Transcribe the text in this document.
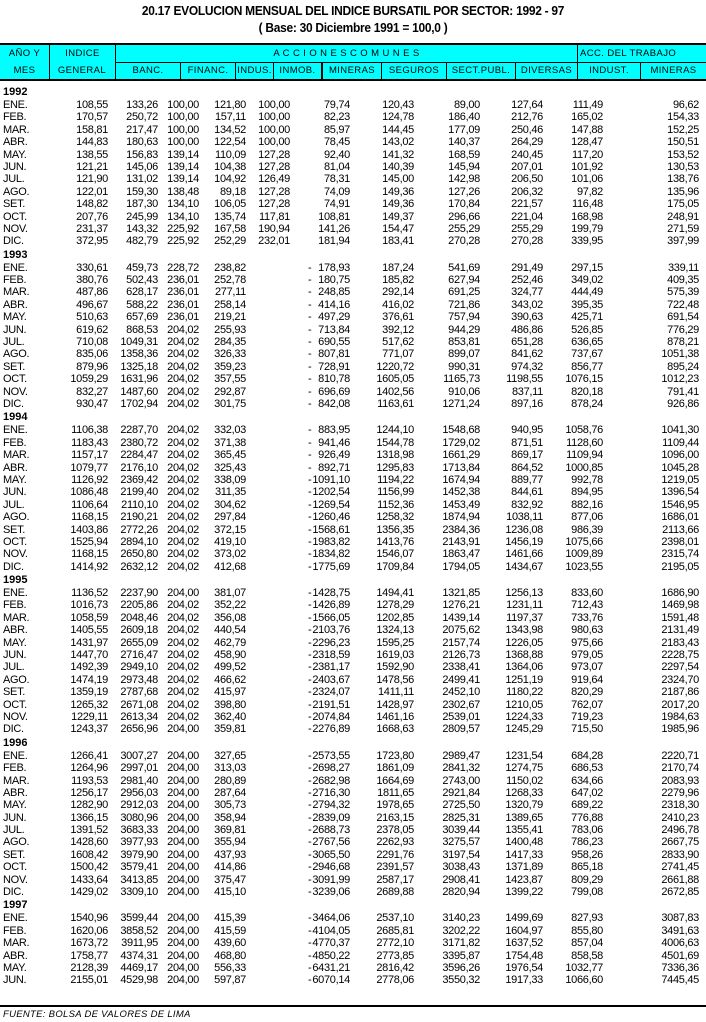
20.17 EVOLUCION MENSUAL DEL INDICE BURSATIL POR SECTOR: 1992 - 97
( Base: 30 Diciembre 1991 = 100,0 )
AÑO Y
MES
INDICE
GENERAL
A C C I O N E S C O M U N E S	ACC. DEL TRABAJO
BANC.	FINANC. INDUS. INMOB.	MINERAS	SEGUROS	SECT.PUBL.	DIVERSAS	INDUST.	MINERAS
1992
ENE.	108,55 133,26 100,00 121,80 100,00	79,74	120,43	89,00	127,64	111,49	96,62
FEB.	170,57 250,72 100,00 157,11 100,00	82,23	124,78	186,40	212,76	165,02	154,33
MAR.	158,81 217,47 100,00 134,52 100,00	85,97	144,45	177,09	250,46	147,88	152,25
ABR.	144,83 180,63 100,00 122,54 100,00	78,45	143,02	140,37	264,29	128,47	150,51
MAY.	138,55 156,83 139,14 110,09 127,28	92,40	141,32	168,59	240,45	117,20	153,52
JUN.	121,21 145,06 139,14 104,38 127,28	81,04	140,39	145,94	207,01	101,92	130,53
JUL.	121,90 131,02 139,14 104,92 126,49	78,31	145,00	142,98	206,50	101,06	138,76
AGO.	122,01 159,30 138,48 89,18 127,28	74,09	149,36	127,26	206,32	97,82	135,96
SET.	148,82 187,30 134,10 106,05 127,28	74,91	149,36	170,84	221,57	116,48	175,05
OCT.	207,76 245,99 134,10 135,74 117,81	108,81	149,37	296,66	221,04	168,98	248,91
NOV.	231,37 143,32 225,92 167,58 190,94	141,26	154,47	255,29	255,29	199,79	271,59
DIC.	372,95 482,79 225,92 252,29 232,01	181,94	183,41	270,28	270,28	339,95	397,99
1993
ENE.	330,61 459,73 228,72 238,82	- 178,93	187,24	541,69	291,49	297,15	339,11
FEB.	380,76 502,43 236,01 252,78	- 180,75	185,82	627,94	252,46	349,02	409,35
MAR.	487,86 628,17 236,01 277,11	- 248,85	292,14	691,25	324,77	444,49	575,39
ABR.	496,67 588,22 236,01 258,14	- 414,16	416,02	721,86	343,02	395,35	722,48
MAY.	510,63 657,69 236,01 219,21	- 497,29	376,61	757,94	390,63	425,71	691,54
JUN.	619,62 868,53 204,02 255,93	- 713,84	392,12	944,29	486,86	526,85	776,29
JUL.	710,08 1049,31 204,02 284,35	- 690,55	517,62	853,81	651,28	636,65	878,21
AGO.	835,06 1358,36 204,02 326,33	- 807,81	771,07	899,07	841,62	737,67	1051,38
SET.	879,96 1325,18 204,02 359,23	- 728,91 1220,72	990,31	974,32	856,77	895,24
OCT.	1059,29 1631,96 204,02 357,55	- 810,78 1605,05	1165,73 1198,55 1076,15	1012,23
NOV.	832,27 1487,60 204,02 292,87	- 696,69 1402,56	910,06	837,11	820,18	791,41
DIC.	930,47 1702,94 204,02 301,75	- 842,08 1163,61	1271,24	897,16	878,24	926,86
1994
ENE.	1106,38 2287,70 204,02 332,03	- 883,95 1244,10	1548,68	940,95 1058,76	1041,30
FEB.	1183,43 2380,72 204,02 371,38	- 941,46 1544,78	1729,02	871,51 1128,60	1109,44
MAR.	1157,17 2284,47 204,02 365,45	- 926,49 1318,98	1661,29	869,17 1109,94	1096,00
ABR.	1079,77 2176,10 204,02 325,43	- 892,71 1295,83	1713,84	864,52 1000,85	1045,28
MAY.	1126,92 2369,42 204,02 338,09	- 1091,10 1194,22	1674,94	889,77	992,78	1219,05
JUN.	1086,48 2199,40 204,02 311,35	- 1202,54 1156,99	1452,38	844,61	894,95	1396,54
JUL.	1106,64 2110,10 204,02 304,62	- 1269,54 1152,36	1453,49	832,92	882,16	1546,95
AGO.	1168,15 2190,21 204,02 297,84	- 1260,46 1258,32	1874,94 1038,11	877,06	1686,01
SET.	1403,86 2772,26 204,02 372,15	- 1568,61 1356,35	2384,36 1236,08	986,39	2113,66
OCT.	1525,94 2894,10 204,02 419,10	- 1983,82 1413,76	2143,91 1456,19 1075,66	2398,01
NOV.	1168,15 2650,80 204,02 373,02	- 1834,82 1546,07	1863,47 1461,66 1009,89	2315,74
DIC.	1414,92 2632,12 204,02 412,68	- 1775,69 1709,84	1794,05 1434,67 1023,55	2195,05
1995
ENE.	1136,52 2237,90 204,00 381,07	- 1428,75 1494,41	1321,85 1256,13	833,60	1686,90
FEB.	1016,73 2205,86 204,02 352,22	- 1426,89 1278,29	1276,21 1231,11	712,43	1469,98
MAR.	1058,59 2048,46 204,02 356,08	- 1566,05 1202,85	1439,14 1197,37	733,76	1591,48
ABR.	1405,55 2609,18 204,02 440,54	- 2103,76 1324,13	2075,62 1343,98	980,63	2131,49
MAY.	1431,97 2655,09 204,02 462,79	- 2296,23 1595,25	2157,74 1226,05	975,66	2183,43
JUN.	1447,70 2716,47 204,02 458,90	- 2318,59 1619,03	2126,73 1368,88	979,05	2228,75
JUL.	1492,39 2949,10 204,02 499,52	- 2381,17 1592,90	2338,41 1364,06	973,07	2297,54
AGO.	1474,19 2973,48 204,02 466,62	- 2403,67 1478,56	2499,41 1251,19	919,64	2324,70
SET.	1359,19 2787,68 204,02 415,97	- 2324,07	1411,11	2452,10 1180,22	820,29	2187,86
OCT.	1265,32 2671,08 204,02 398,80	- 2191,51 1428,97	2302,67 1210,05	762,07	2017,20
NOV.	1229,11 2613,34 204,02 362,40	- 2074,84 1461,16	2539,01 1224,33	719,23	1984,63
DIC.	1243,37 2656,96 204,00 359,81	- 2276,89 1668,63	2809,57 1245,29	715,50	1985,96
1996
ENE.	1266,41 3007,27 204,00 327,65	- 2573,55 1723,80	2989,47 1231,54	684,28	2220,71
FEB.	1264,96 2997,01 204,00 313,03	- 2698,27 1861,09	2841,32 1274,75	686,53	2170,74
MAR.	1193,53 2981,40 204,00 280,89	- 2682,98 1664,69	2743,00 1150,02	634,66	2083,93
ABR.	1256,17 2956,03 204,00 287,64	- 2716,30 1811,65	2921,84 1268,33	647,02	2279,96
MAY.	1282,90 2912,03 204,00 305,73	- 2794,32 1978,65	2725,50 1320,79	689,22	2318,30
JUN.	1366,15 3080,96 204,00 358,94	- 2839,09 2163,15	2825,31 1389,65	776,88	2410,23
JUL.	1391,52 3683,33 204,00 369,81	- 2688,73 2378,05	3039,44 1355,41	783,06	2496,78
AGO.	1428,60 3977,93 204,00 355,94	- 2767,56 2262,93	3275,57 1400,48	786,23	2667,75
SET.	1608,42 3979,90 204,00 437,93	- 3065,50 2291,76	3197,54 1417,33	958,26	2833,90
OCT.	1500,42 3579,41 204,00 414,86	- 2946,68 2391,57	3038,43 1371,89	865,18	2741,45
NOV.	1433,64 3413,85 204,00 375,47	- 3091,99 2587,17	2908,41 1423,87	809,29	2661,88
DIC.	1429,02 3309,10 204,00 415,10	- 3239,06 2689,88	2820,94 1399,22	799,08	2672,85
1997
ENE.	1540,96 3599,44 204,00 415,39	- 3464,06 2537,10	3140,23 1499,69	827,93	3087,83
FEB.	1620,06 3858,52 204,00 415,59	- 4104,05 2685,81	3202,22 1604,97	855,80	3491,63
MAR.	1673,72 3911,95 204,00 439,60	- 4770,37 2772,10	3171,82 1637,52	857,04	4006,63
ABR.	1758,77 4374,31 204,00 468,80	- 4850,22 2773,85	3395,87 1754,48	858,58	4501,69
MAY.	2128,39 4469,17 204,00 556,33	- 6431,21 2816,42	3596,26 1976,54 1032,77	7336,36
JUN.	2155,01 4529,98 204,00 597,87	- 6070,14 2778,06	3550,32 1917,33 1066,60	7445,45
FUENTE: BOLSA DE VALORES DE LIMA
